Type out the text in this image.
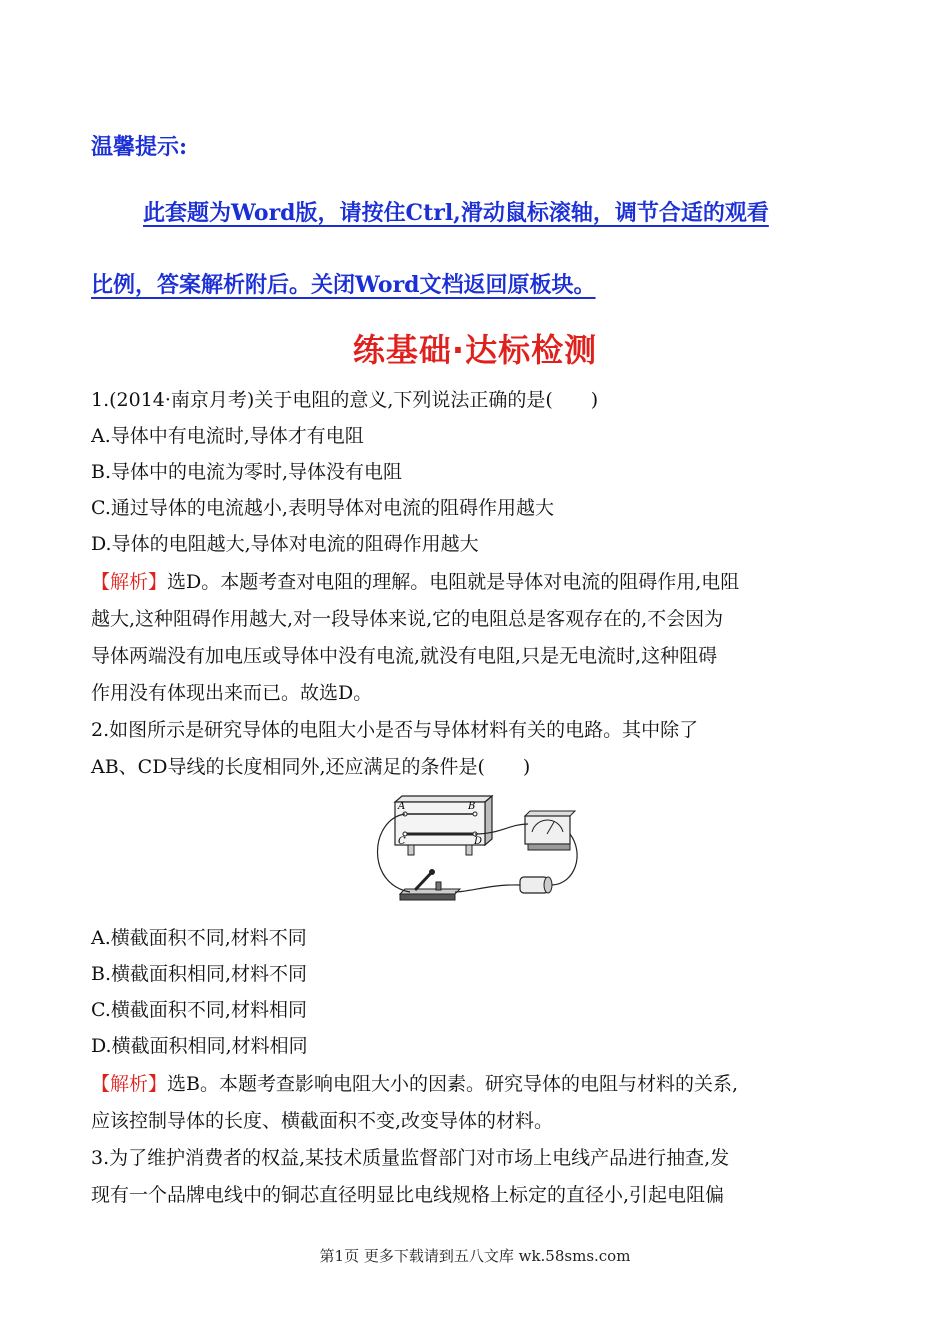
温馨提示:
此套题为Word版，请按住Ctrl,滑动鼠标滚轴，调节合适的观看
比例，答案解析附后。关闭Word文档返回原板块。
练基础·达标检测
1.(2014·南京月考)关于电阻的意义,下列说法正确的是(　　)
A.导体中有电流时,导体才有电阻
B.导体中的电流为零时,导体没有电阻
C.通过导体的电流越小,表明导体对电流的阻碍作用越大
D.导体的电阻越大,导体对电流的阻碍作用越大
【解析】选D。本题考查对电阻的理解。电阻就是导体对电流的阻碍作用,电阻
越大,这种阻碍作用越大,对一段导体来说,它的电阻总是客观存在的,不会因为
导体两端没有加电压或导体中没有电流,就没有电阻,只是无电流时,这种阻碍
作用没有体现出来而已。故选D。
2.如图所示是研究导体的电阻大小是否与导体材料有关的电路。其中除了
AB、CD导线的长度相同外,还应满足的条件是(　　)
A	B
C	D
A.横截面积不同,材料不同
B.横截面积相同,材料不同
C.横截面积不同,材料相同
D.横截面积相同,材料相同
【解析】选B。本题考查影响电阻大小的因素。研究导体的电阻与材料的关系,
应该控制导体的长度、横截面积不变,改变导体的材料。
3.为了维护消费者的权益,某技术质量监督部门对市场上电线产品进行抽查,发
现有一个品牌电线中的铜芯直径明显比电线规格上标定的直径小,引起电阻偏
第1页 更多下载请到五八文库 wk.58sms.com
